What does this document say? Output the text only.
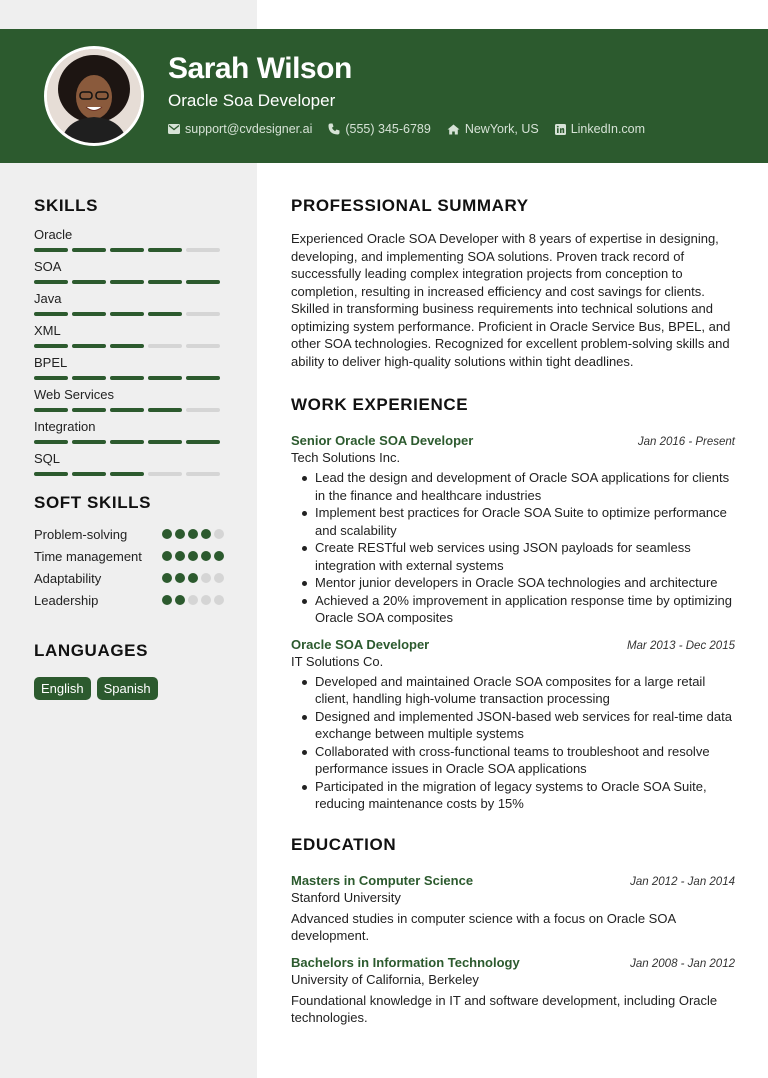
Sarah Wilson
Oracle Soa Developer
support@cvdesigner.ai	(555) 345-6789	NewYork, US	LinkedIn.com
SKILLS
Oracle
SOA
Java
XML
BPEL
Web Services
Integration
SQL
SOFT SKILLS
Problem-solving
Time management
Adaptability
Leadership
LANGUAGES
English	Spanish
PROFESSIONAL SUMMARY
Experienced Oracle SOA Developer with 8 years of expertise in designing, developing, and implementing SOA solutions. Proven track record of successfully leading complex integration projects from conception to completion, resulting in increased efficiency and cost savings for clients. Skilled in transforming business requirements into technical solutions and optimizing system performance. Proficient in Oracle Service Bus, BPEL, and other SOA technologies. Recognized for excellent problem-solving skills and ability to deliver high-quality solutions within tight deadlines.
WORK EXPERIENCE
Senior Oracle SOA Developer	Jan 2016 - Present
Tech Solutions Inc.
Lead the design and development of Oracle SOA applications for clients in the finance and healthcare industries
Implement best practices for Oracle SOA Suite to optimize performance and scalability
Create RESTful web services using JSON payloads for seamless integration with external systems
Mentor junior developers in Oracle SOA technologies and architecture
Achieved a 20% improvement in application response time by optimizing Oracle SOA composites
Oracle SOA Developer	Mar 2013 - Dec 2015
IT Solutions Co.
Developed and maintained Oracle SOA composites for a large retail client, handling high-volume transaction processing
Designed and implemented JSON-based web services for real-time data exchange between multiple systems
Collaborated with cross-functional teams to troubleshoot and resolve performance issues in Oracle SOA applications
Participated in the migration of legacy systems to Oracle SOA Suite, reducing maintenance costs by 15%
EDUCATION
Masters in Computer Science	Jan 2012 - Jan 2014
Stanford University
Advanced studies in computer science with a focus on Oracle SOA development.
Bachelors in Information Technology	Jan 2008 - Jan 2012
University of California, Berkeley
Foundational knowledge in IT and software development, including Oracle technologies.
